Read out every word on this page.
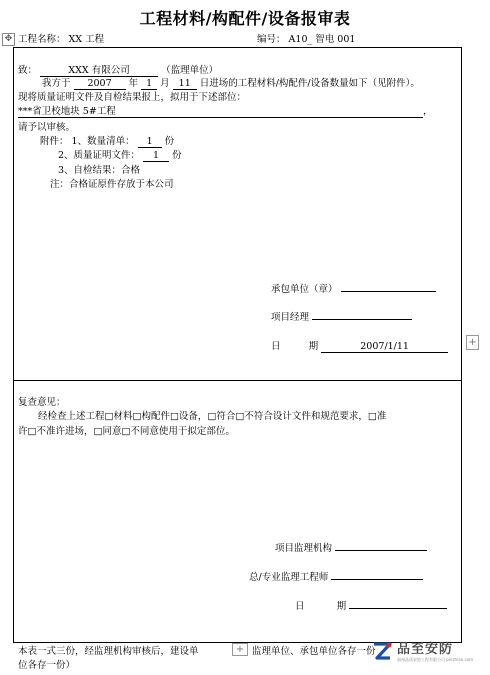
工程材料/构配件/设备报审表
✥ 工程名称： XX 工程	编号： A10_ 智电 001
致：	XXX 有限公司	（监理单位）
我方于 2007 年 1 月 11 日进场的工程材料/构配件/设备数量如下（见附件）。
现将质量证明文件及自检结果报上，拟用于下述部位：
***省卫校地块 5#工程	，
请予以审核。
附件： 1、数量清单： 1 份
2、质量证明文件： 1 份
3、自检结果：合格
注：合格证原件存放于本公司
承包单位（章）
项目经理
日	期	2007/1/11
复查意见：
经检查上述工程□材料□构配件□设备，□符合□不符合设计文件和规范要求，□准
许□不准许进场，□同意□不同意使用于拟定部位。
项目监理机构
总/专业监理工程师
日	期
本表一式三份，经监理机构审核后，建设单	监理单位、承包单位各存一份
位各存一份）
+
+	品至安防
福州品质安防工程有限公司 pinzhian.com
